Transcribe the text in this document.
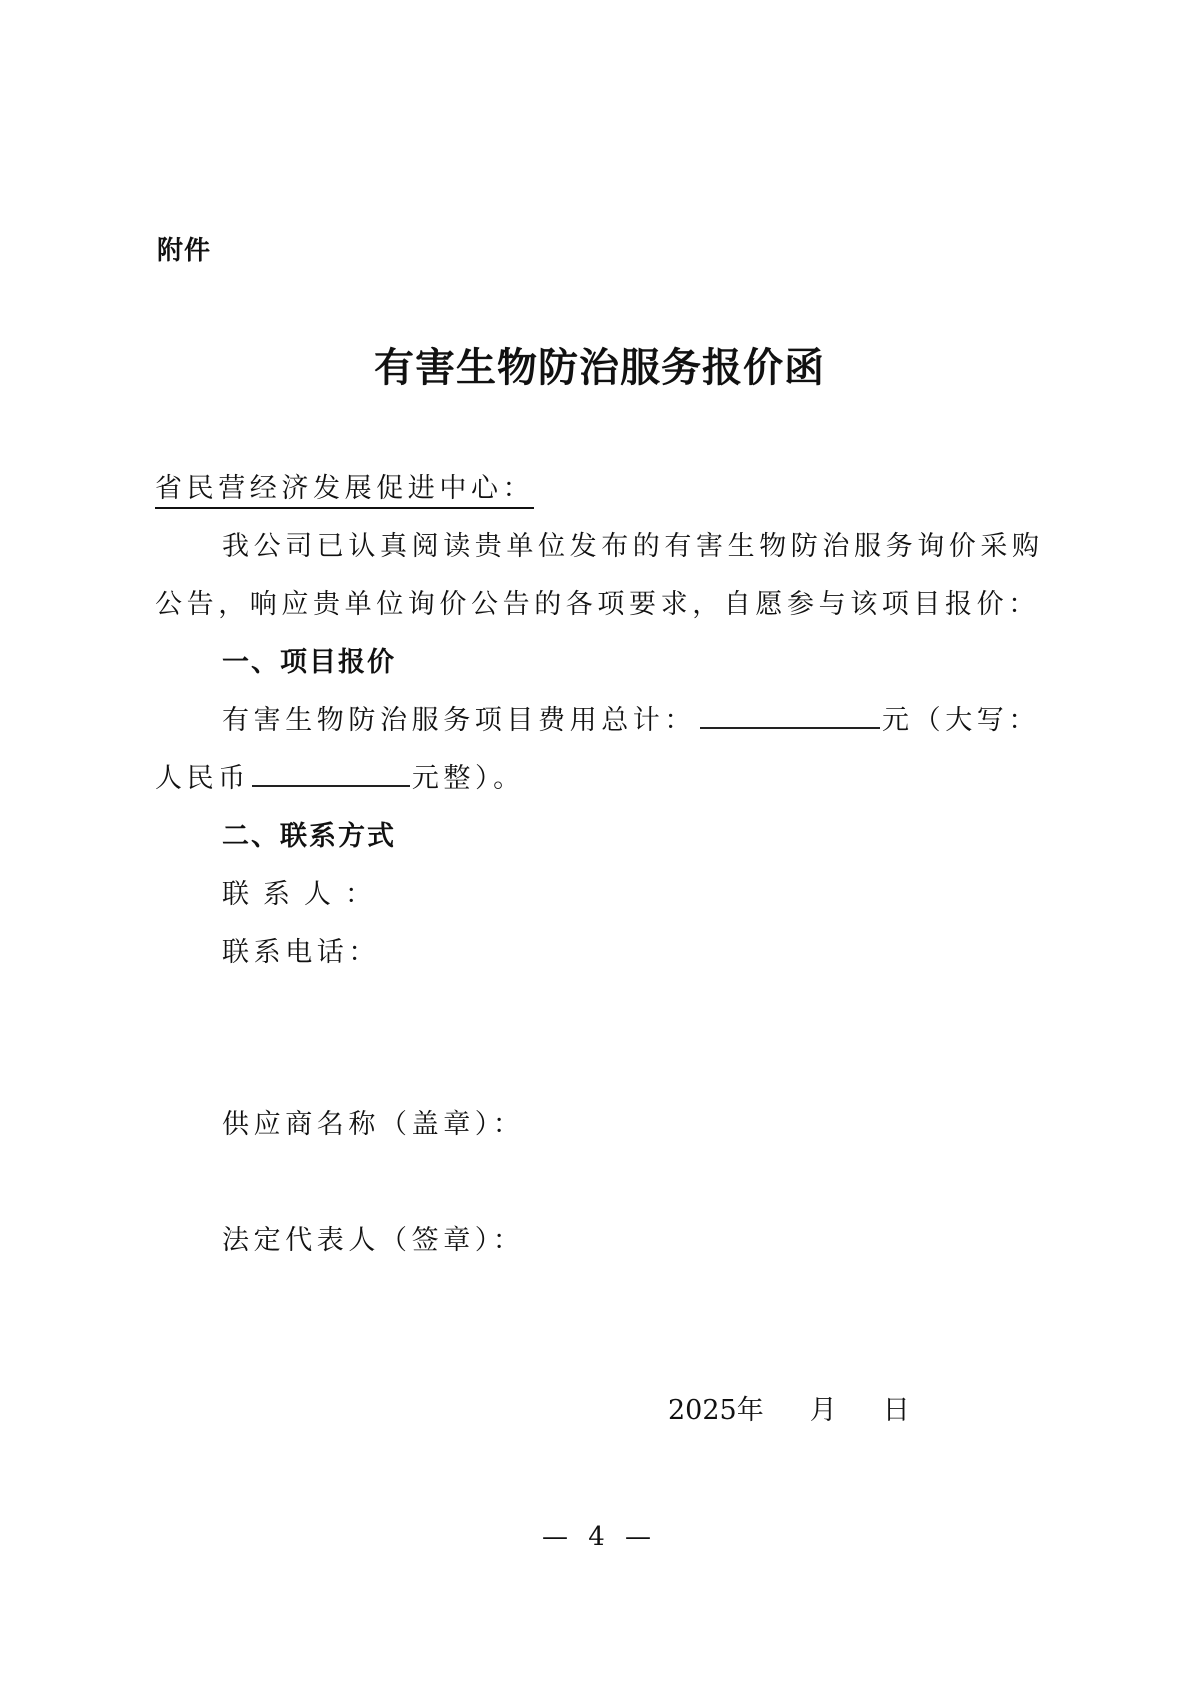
附件
有害生物防治服务报价函
省民营经济发展促进中心：
我公司已认真阅读贵单位发布的有害生物防治服务询价采购
公告，响应贵单位询价公告的各项要求，自愿参与该项目报价：
一、项目报价
有害生物防治服务项目费用总计：	元（大写：
人民币	元整）。
二、联系方式
联系人：
联系电话：
供应商名称（盖章）：
法定代表人（签章）：
2025年 月 日
— 4 —
